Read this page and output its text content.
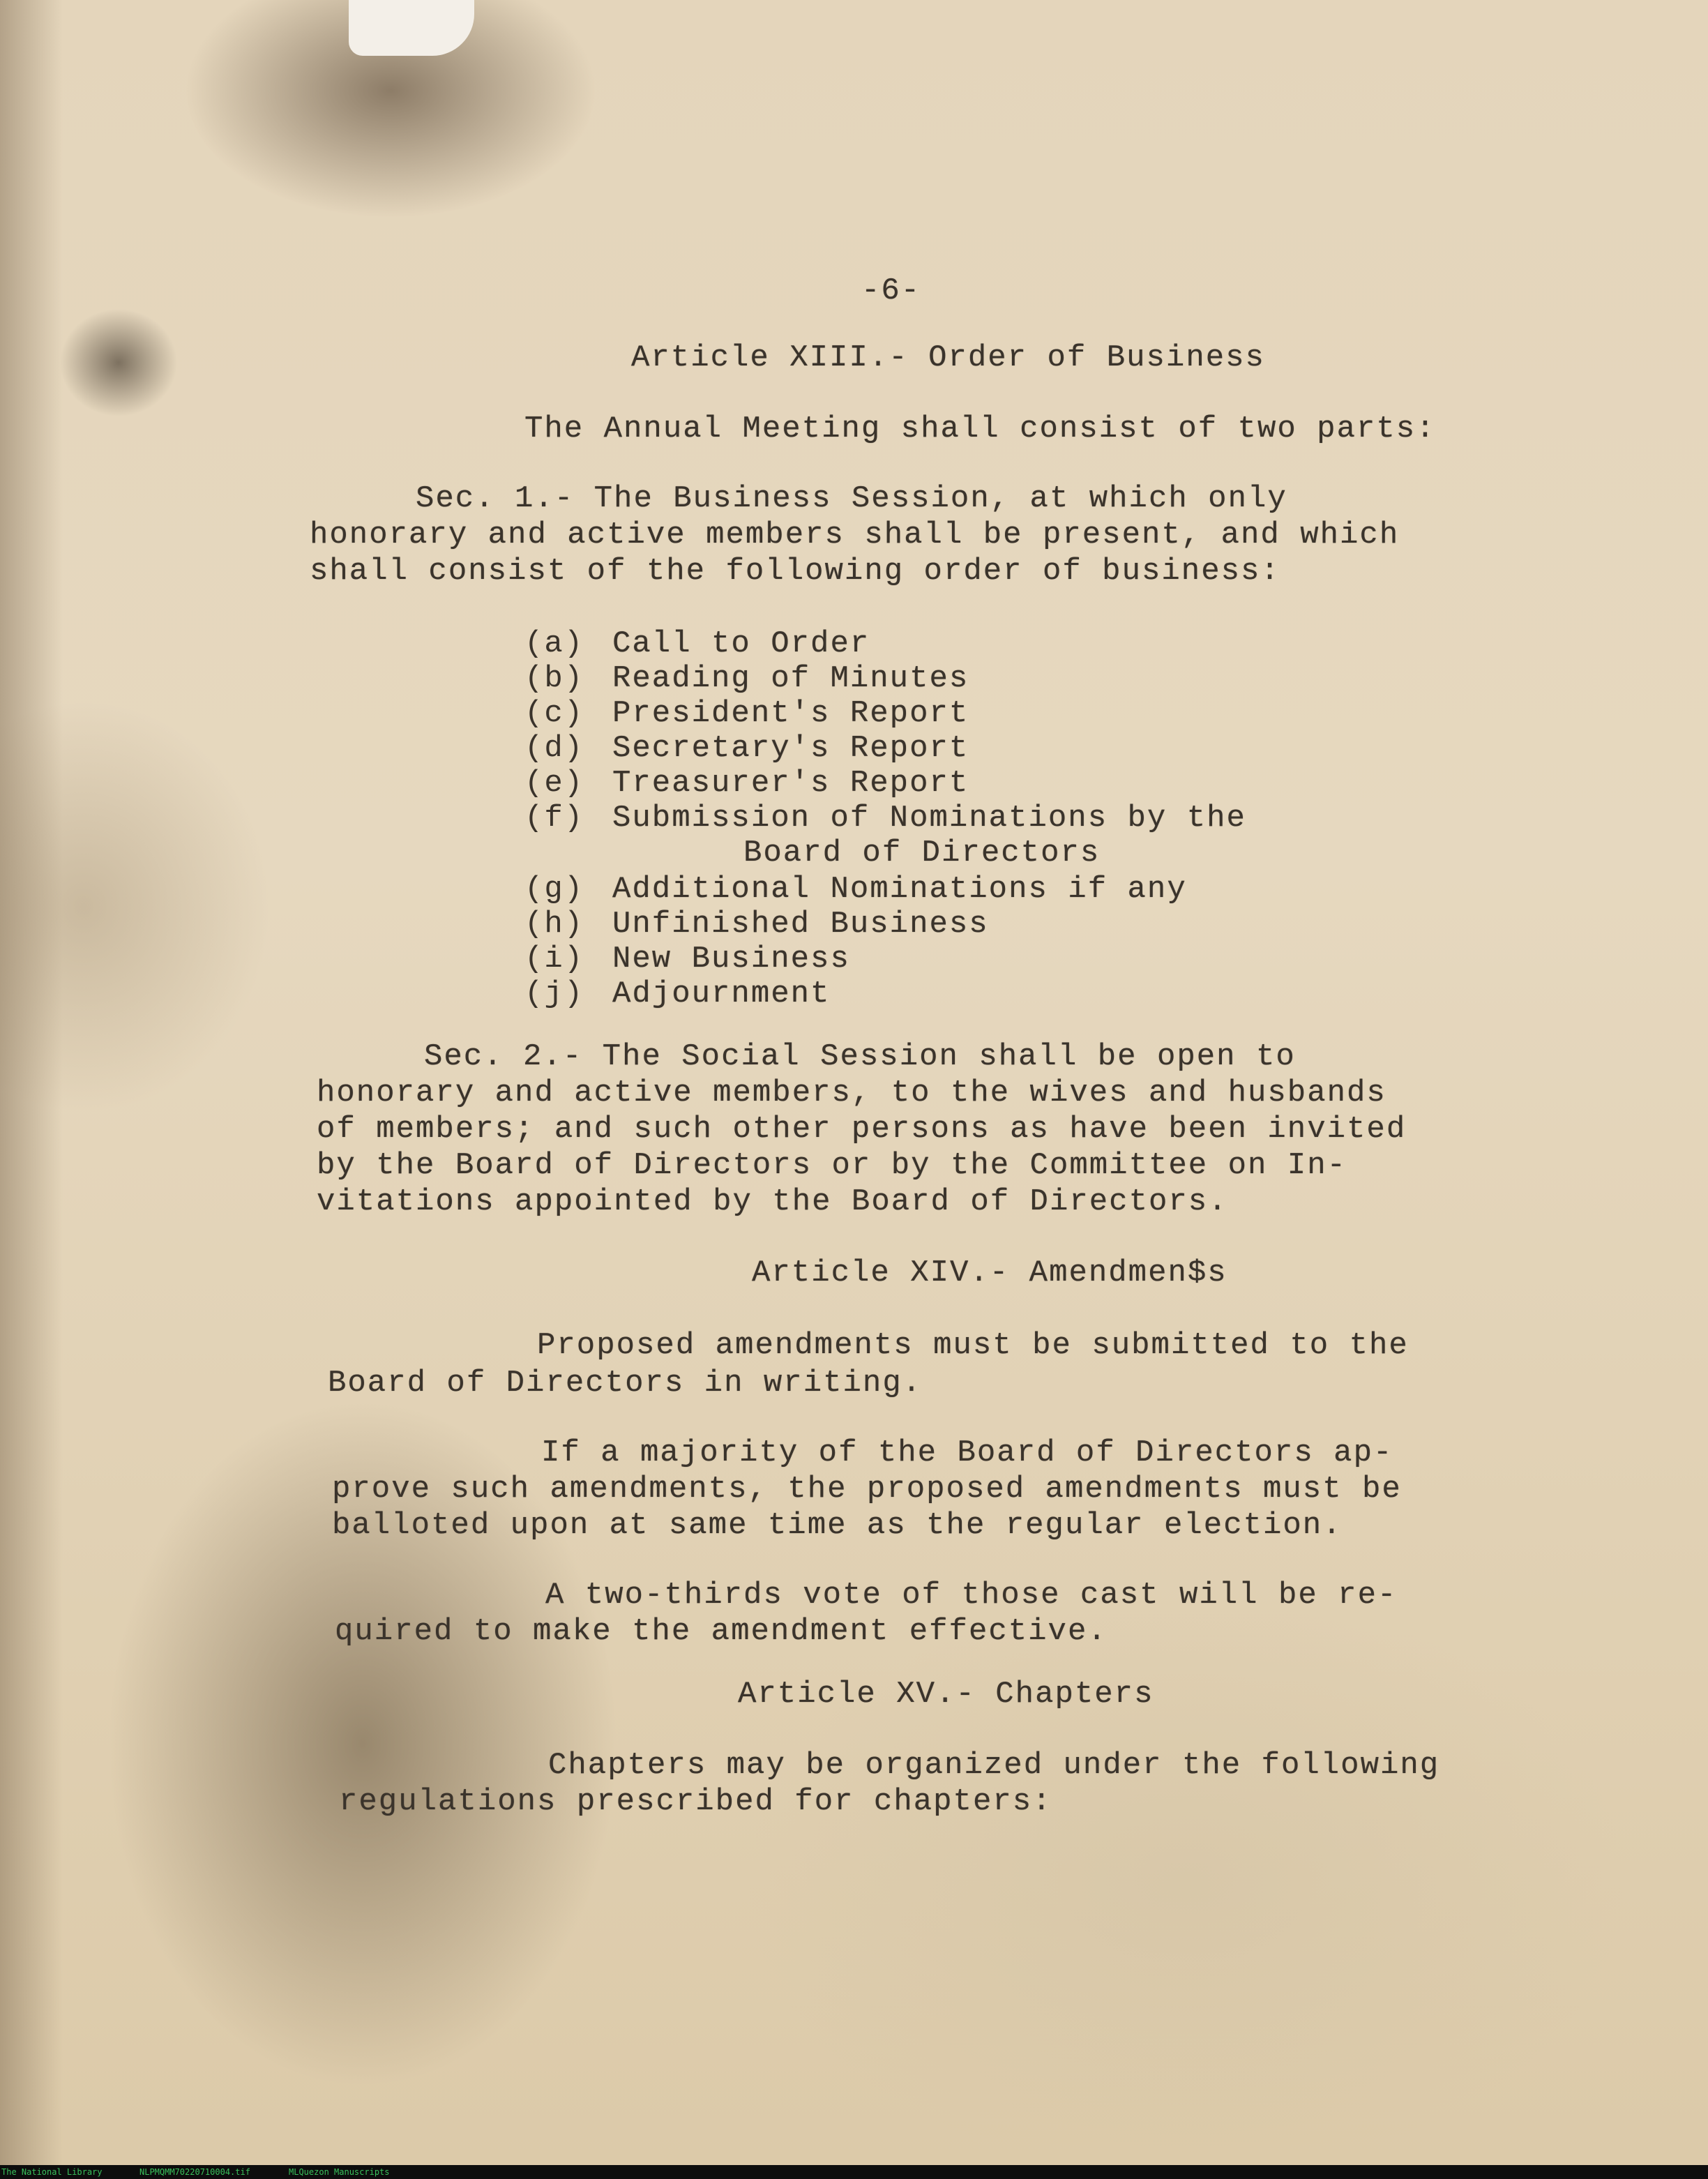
-6-
Article XIII.- Order of Business
The Annual Meeting shall consist of two parts:
Sec. 1.- The Business Session, at which only
honorary and active members shall be present, and which
shall consist of the following order of business:
(a) Call to Order
(b) Reading of Minutes
(c) President's Report
(d) Secretary's Report
(e) Treasurer's Report
(f) Submission of Nominations by the
Board of Directors
(g) Additional Nominations if any
(h) Unfinished Business
(i) New Business
(j) Adjournment
Sec. 2.- The Social Session shall be open to
honorary and active members, to the wives and husbands
of members; and such other persons as have been invited
by the Board of Directors or by the Committee on In-
vitations appointed by the Board of Directors.
Article XIV.- Amendmen$s
Proposed amendments must be submitted to the
Board of Directors in writing.
If a majority of the Board of Directors ap-
prove such amendments, the proposed amendments must be
balloted upon at same time as the regular election.
A two-thirds vote of those cast will be re-
quired to make the amendment effective.
Article XV.- Chapters
Chapters may be organized under the following
regulations prescribed for chapters:
The National Library	NLPMQMM70220710004.tif	MLQuezon Manuscripts
